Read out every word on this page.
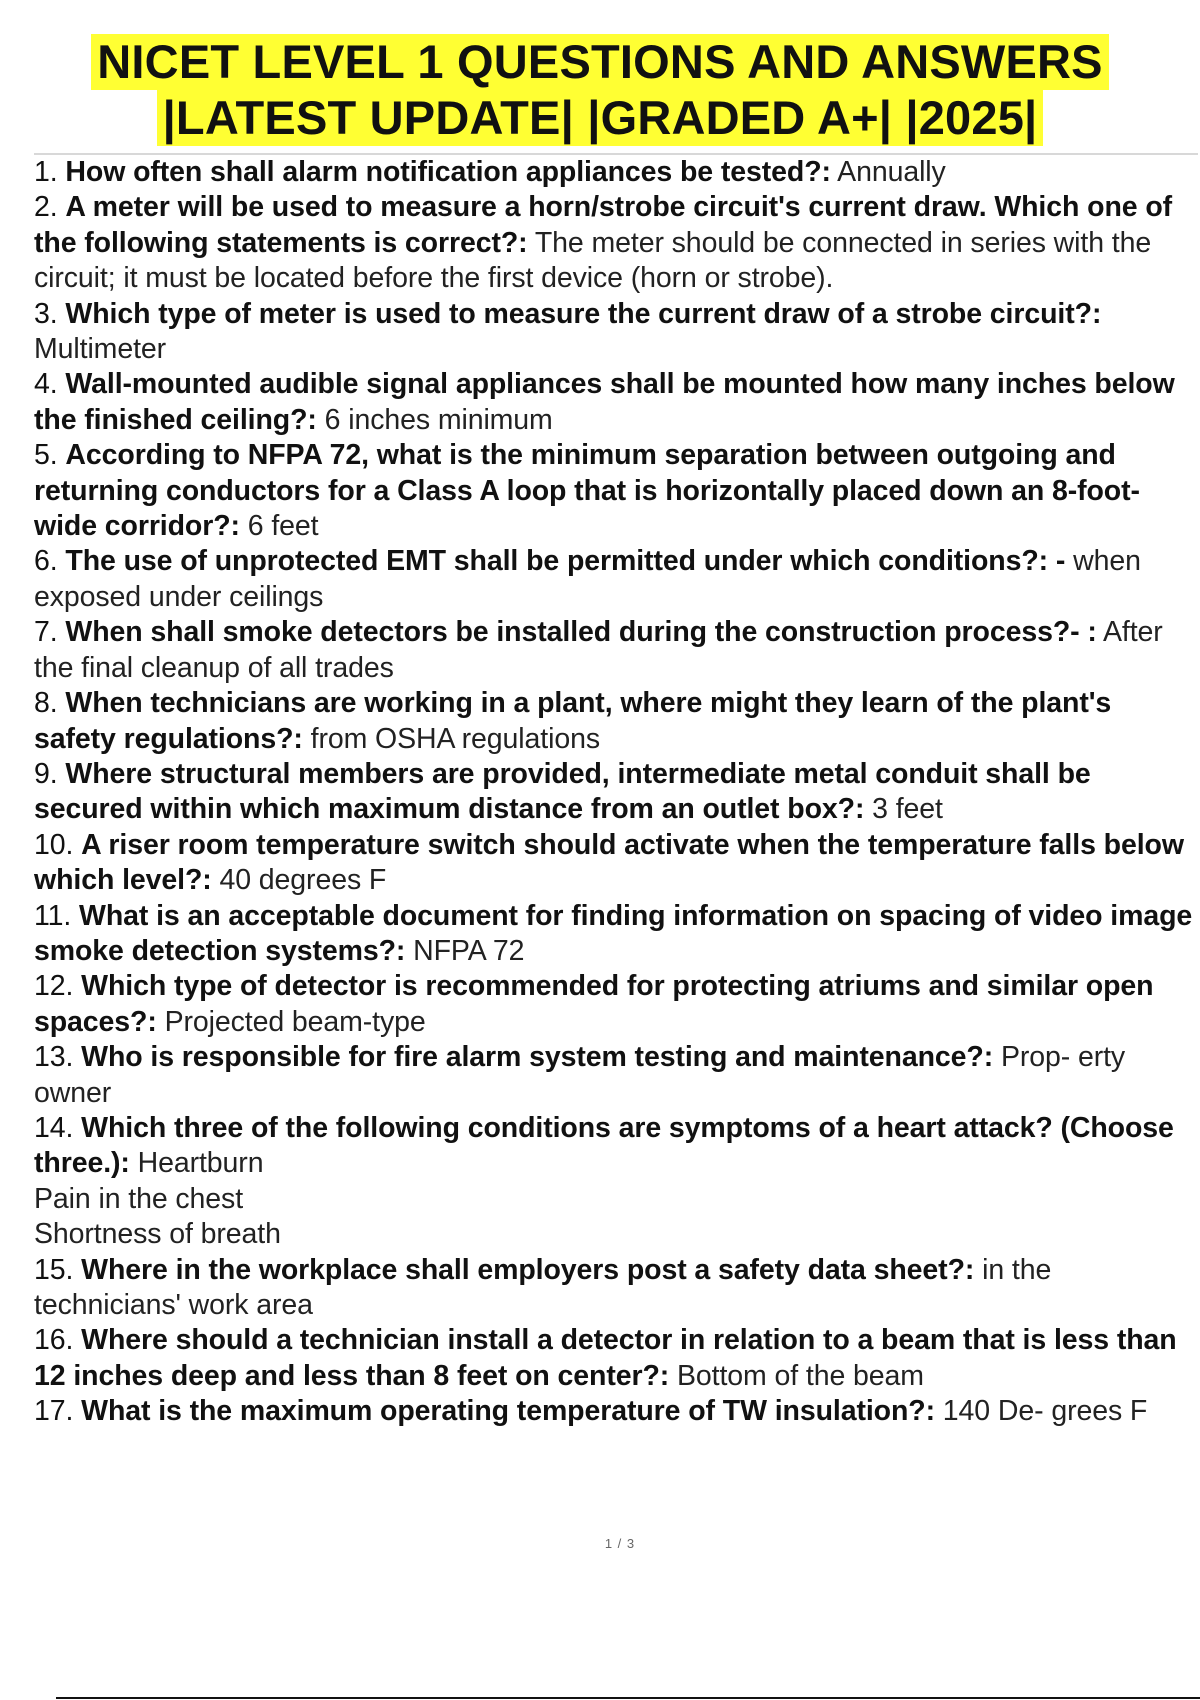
NICET LEVEL 1 QUESTIONS AND ANSWERS
|LATEST UPDATE| |GRADED A+| |2025|

1. How often shall alarm notification appliances be tested?: Annually

2. A meter will be used to measure a horn/strobe circuit's current draw. Which one of the following statements is correct?: The meter should be connected in series with the circuit; it must be located before the first device (horn or strobe).

3. Which type of meter is used to measure the current draw of a strobe circuit?: Multimeter

4. Wall-mounted audible signal appliances shall be mounted how many inches below the finished ceiling?: 6 inches minimum

5. According to NFPA 72, what is the minimum separation between outgoing and returning conductors for a Class A loop that is horizontally placed down an 8-foot-wide corridor?: 6 feet

6. The use of unprotected EMT shall be permitted under which conditions?: - when exposed under ceilings

7. When shall smoke detectors be installed during the construction process?- : After the final cleanup of all trades

8. When technicians are working in a plant, where might they learn of the plant's safety regulations?: from OSHA regulations

9. Where structural members are provided, intermediate metal conduit shall be secured within which maximum distance from an outlet box?: 3 feet

10. A riser room temperature switch should activate when the temperature falls below which level?: 40 degrees F

11. What is an acceptable document for finding information on spacing of video image smoke detection systems?: NFPA 72

12. Which type of detector is recommended for protecting atriums and similar open spaces?: Projected beam-type

13. Who is responsible for fire alarm system testing and maintenance?: Prop- erty owner

14. Which three of the following conditions are symptoms of a heart attack? (Choose three.): Heartburn
Pain in the chest
Shortness of breath

15. Where in the workplace shall employers post a safety data sheet?: in the technicians' work area

16. Where should a technician install a detector in relation to a beam that is less than 12 inches deep and less than 8 feet on center?: Bottom of the beam

17. What is the maximum operating temperature of TW insulation?: 140 De- grees F

1 / 3
